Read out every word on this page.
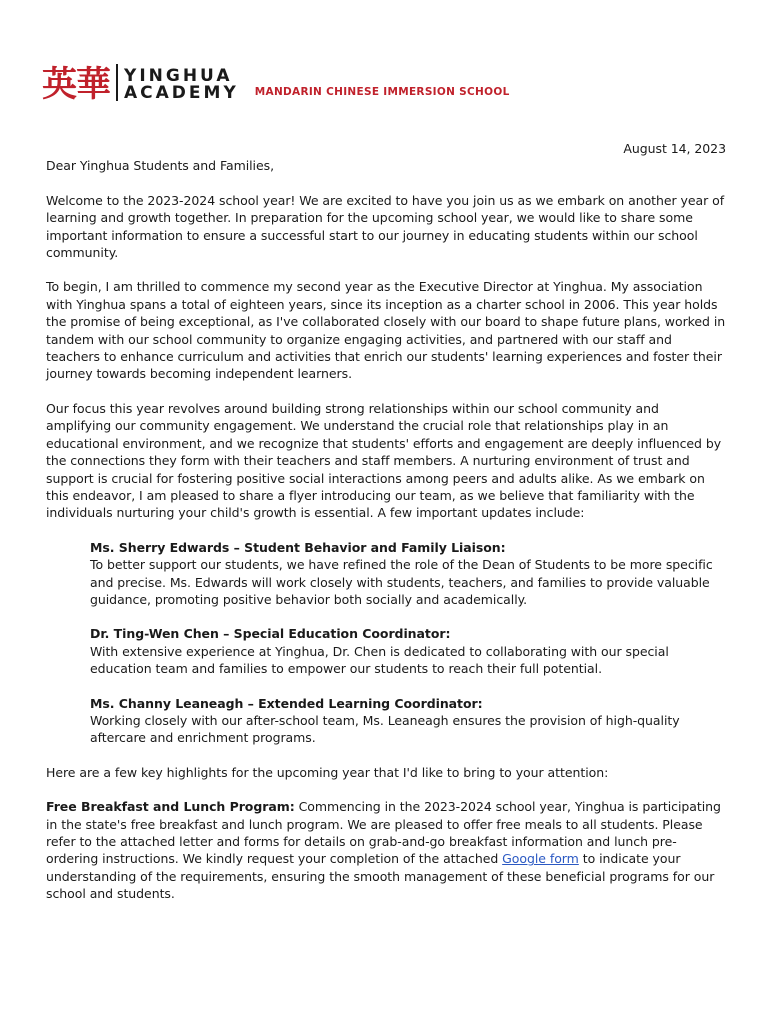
英華 YINGHUA
ACADEMY MANDARIN CHINESE IMMERSION SCHOOL

August 14, 2023

Dear Yinghua Students and Families,

Welcome to the 2023-2024 school year! We are excited to have you join us as we embark on another year of learning and growth together. In preparation for the upcoming school year, we would like to share some important information to ensure a successful start to our journey in educating students within our school community.

To begin, I am thrilled to commence my second year as the Executive Director at Yinghua. My association with Yinghua spans a total of eighteen years, since its inception as a charter school in 2006. This year holds the promise of being exceptional, as I've collaborated closely with our board to shape future plans, worked in tandem with our school community to organize engaging activities, and partnered with our staff and teachers to enhance curriculum and activities that enrich our students' learning experiences and foster their journey towards becoming independent learners.

Our focus this year revolves around building strong relationships within our school community and amplifying our community engagement. We understand the crucial role that relationships play in an educational environment, and we recognize that students' efforts and engagement are deeply influenced by the connections they form with their teachers and staff members. A nurturing environment of trust and support is crucial for fostering positive social interactions among peers and adults alike. As we embark on this endeavor, I am pleased to share a flyer introducing our team, as we believe that familiarity with the individuals nurturing your child's growth is essential. A few important updates include:

Ms. Sherry Edwards – Student Behavior and Family Liaison:
To better support our students, we have refined the role of the Dean of Students to be more specific and precise. Ms. Edwards will work closely with students, teachers, and families to provide valuable guidance, promoting positive behavior both socially and academically.
Dr. Ting-Wen Chen – Special Education Coordinator:
With extensive experience at Yinghua, Dr. Chen is dedicated to collaborating with our special education team and families to empower our students to reach their full potential.
Ms. Channy Leaneagh – Extended Learning Coordinator:
Working closely with our after-school team, Ms. Leaneagh ensures the provision of high-quality aftercare and enrichment programs.

Here are a few key highlights for the upcoming year that I'd like to bring to your attention:

Free Breakfast and Lunch Program: Commencing in the 2023-2024 school year, Yinghua is participating in the state's free breakfast and lunch program. We are pleased to offer free meals to all students. Please refer to the attached letter and forms for details on grab-and-go breakfast information and lunch pre-ordering instructions. We kindly request your completion of the attached Google form to indicate your understanding of the requirements, ensuring the smooth management of these beneficial programs for our school and students.
